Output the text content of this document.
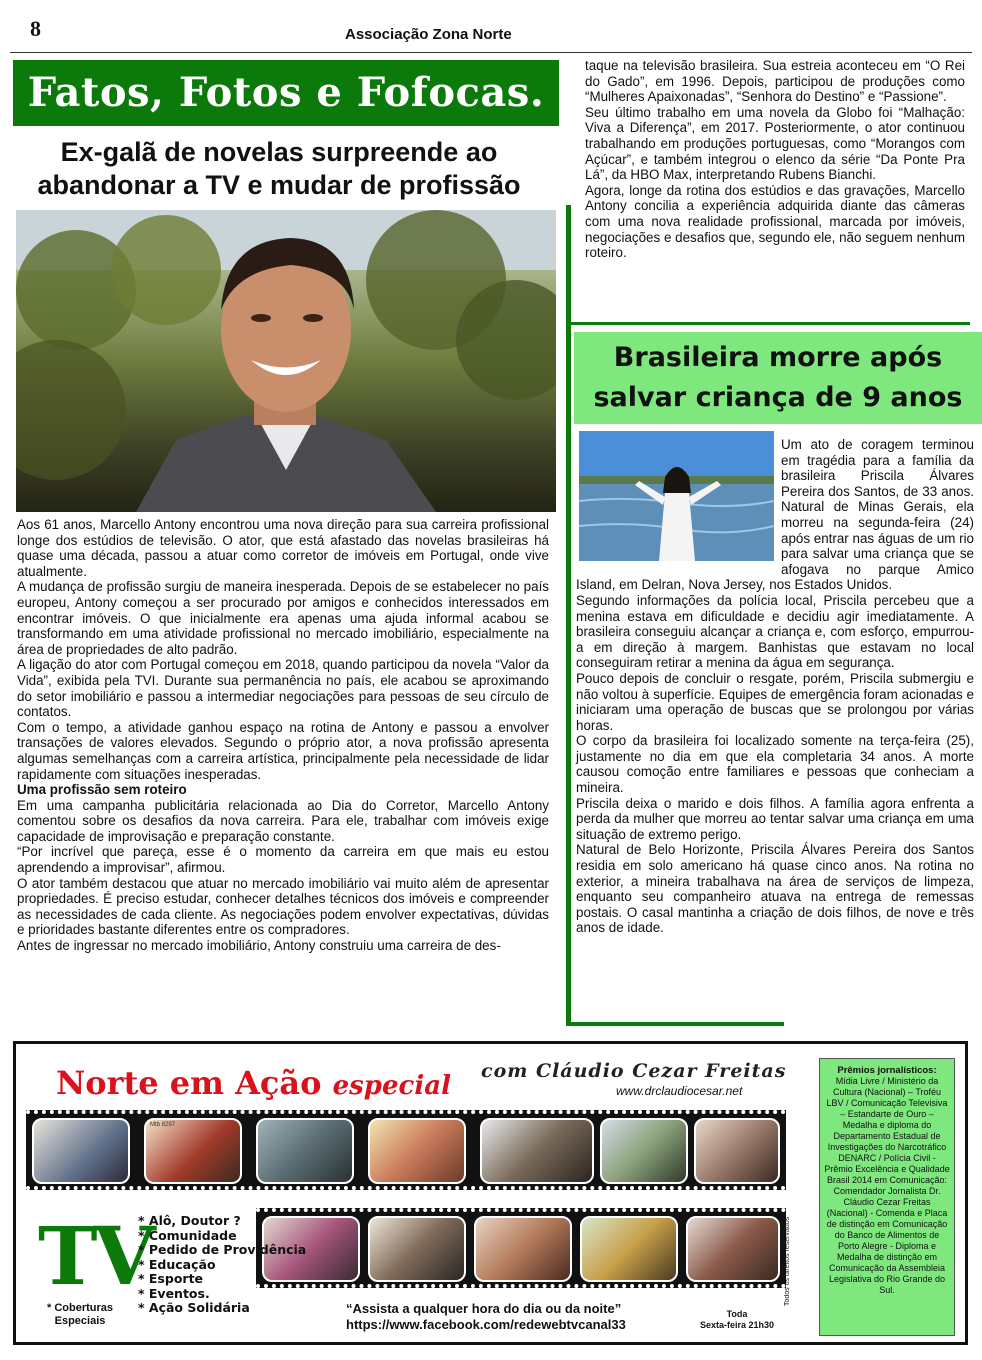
8	Associação Zona Norte
Fatos, Fotos e Fofocas.
Ex-galã de novelas surpreende ao abandonar a TV e mudar de profissão

Aos 61 anos, Marcello Antony encontrou uma nova direção para sua carreira profissional longe dos estúdios de televisão. O ator, que está afastado das novelas brasileiras há quase uma década, passou a atuar como corretor de imóveis em Portugal, onde vive atualmente.

A mudança de profissão surgiu de maneira inesperada. Depois de se estabelecer no país europeu, Antony começou a ser procurado por amigos e conhecidos interessados em encontrar imóveis. O que inicialmente era apenas uma ajuda informal acabou se transformando em uma atividade profissional no mercado imobiliário, especialmente na área de propriedades de alto padrão.

A ligação do ator com Portugal começou em 2018, quando participou da novela “Valor da Vida”, exibida pela TVI. Durante sua permanência no país, ele acabou se aproximando do setor imobiliário e passou a intermediar negociações para pessoas de seu círculo de contatos.

Com o tempo, a atividade ganhou espaço na rotina de Antony e passou a envolver transações de valores elevados. Segundo o próprio ator, a nova profissão apresenta algumas semelhanças com a carreira artística, principalmente pela necessidade de lidar rapidamente com situações inesperadas.

Uma profissão sem roteiro

Em uma campanha publicitária relacionada ao Dia do Corretor, Marcello Antony comentou sobre os desafios da nova carreira. Para ele, trabalhar com imóveis exige capacidade de improvisação e preparação constante.

“Por incrível que pareça, esse é o momento da carreira em que mais eu estou aprendendo a improvisar”, afirmou.

O ator também destacou que atuar no mercado imobiliário vai muito além de apresentar propriedades. É preciso estudar, conhecer detalhes técnicos dos imóveis e compreender as necessidades de cada cliente. As negociações podem envolver expectativas, dúvidas e prioridades bastante diferentes entre os compradores.

Antes de ingressar no mercado imobiliário, Antony construiu uma carreira de des-

taque na televisão brasileira. Sua estreia aconteceu em “O Rei do Gado”, em 1996. Depois, participou de produções como “Mulheres Apaixonadas”, “Senhora do Destino” e “Passione”.

Seu último trabalho em uma novela da Globo foi “Malhação: Viva a Diferença”, em 2017. Posteriormente, o ator continuou trabalhando em produções portuguesas, como “Morangos com Açúcar”, e também integrou o elenco da série “Da Ponte Pra Lá”, da HBO Max, interpretando Rubens Bianchi.

Agora, longe da rotina dos estúdios e das gravações, Marcello Antony concilia a experiência adquirida diante das câmeras com uma nova realidade profissional, marcada por imóveis, negociações e desafios que, segundo ele, não seguem nenhum roteiro.

Brasileira morre após salvar criança de 9 anos

Um ato de coragem terminou em tragédia para a família da brasileira Priscila Álvares Pereira dos Santos, de 33 anos. Natural de Minas Gerais, ela morreu na segunda-feira (24) após entrar nas águas de um rio para salvar uma criança que se afogava no parque Amico Island, em Delran, Nova Jersey, nos Estados Unidos.

Segundo informações da polícia local, Priscila percebeu que a menina estava em dificuldade e decidiu agir imediatamente. A brasileira conseguiu alcançar a criança e, com esforço, empurrou-a em direção à margem. Banhistas que estavam no local conseguiram retirar a menina da água em segurança.

Pouco depois de concluir o resgate, porém, Priscila submergiu e não voltou à superfície. Equipes de emergência foram acionadas e iniciaram uma operação de buscas que se prolongou por várias horas.

O corpo da brasileira foi localizado somente na terça-feira (25), justamente no dia em que ela completaria 34 anos. A morte causou comoção entre familiares e pessoas que conheciam a mineira.

Priscila deixa o marido e dois filhos. A família agora enfrenta a perda da mulher que morreu ao tentar salvar uma criança em uma situação de extremo perigo.

Natural de Belo Horizonte, Priscila Álvares Pereira dos Santos residia em solo americano há quase cinco anos. Na rotina no exterior, a mineira trabalhava na área de serviços de limpeza, enquanto seu companheiro atuava na entrega de remessas postais. O casal mantinha a criação de dois filhos, de nove e três anos de idade.

Norte em Ação especial com Cláudio Cezar Freitas
www.drclaudiocesar.net
Mtb 8297
Todos os direitos reservados
TV
* Coberturas Especiais
* Alô, Doutor ?
* Comunidade
* Pedido de Providência
* Educação
* Esporte
* Eventos.
* Ação Solidária	“Assista a qualquer hora do dia ou da noite”
https://www.facebook.com/redewebtvcanal33
Toda
Sexta-feira 21h30
Prêmios jornalísticos:
Mídia Livre / Ministério da Cultura (Nacional) – Troféu LBV / Comunicação Televisiva – Estandarte de Ouro – Medalha e diploma do Departamento Estadual de Investigações do Narcotráfico DENARC / Polícia Civil - Prêmio Excelência e Qualidade Brasil 2014 em Comunicação: Comendador Jornalista Dr. Cláudio Cezar Freitas (Nacional) - Comenda e Placa de distinção em Comunicação do Banco de Alimentos de Porto Alegre - Diploma e Medalha de distinção em Comunicação da Assembleia Legislativa do Rio Grande do Sul.
